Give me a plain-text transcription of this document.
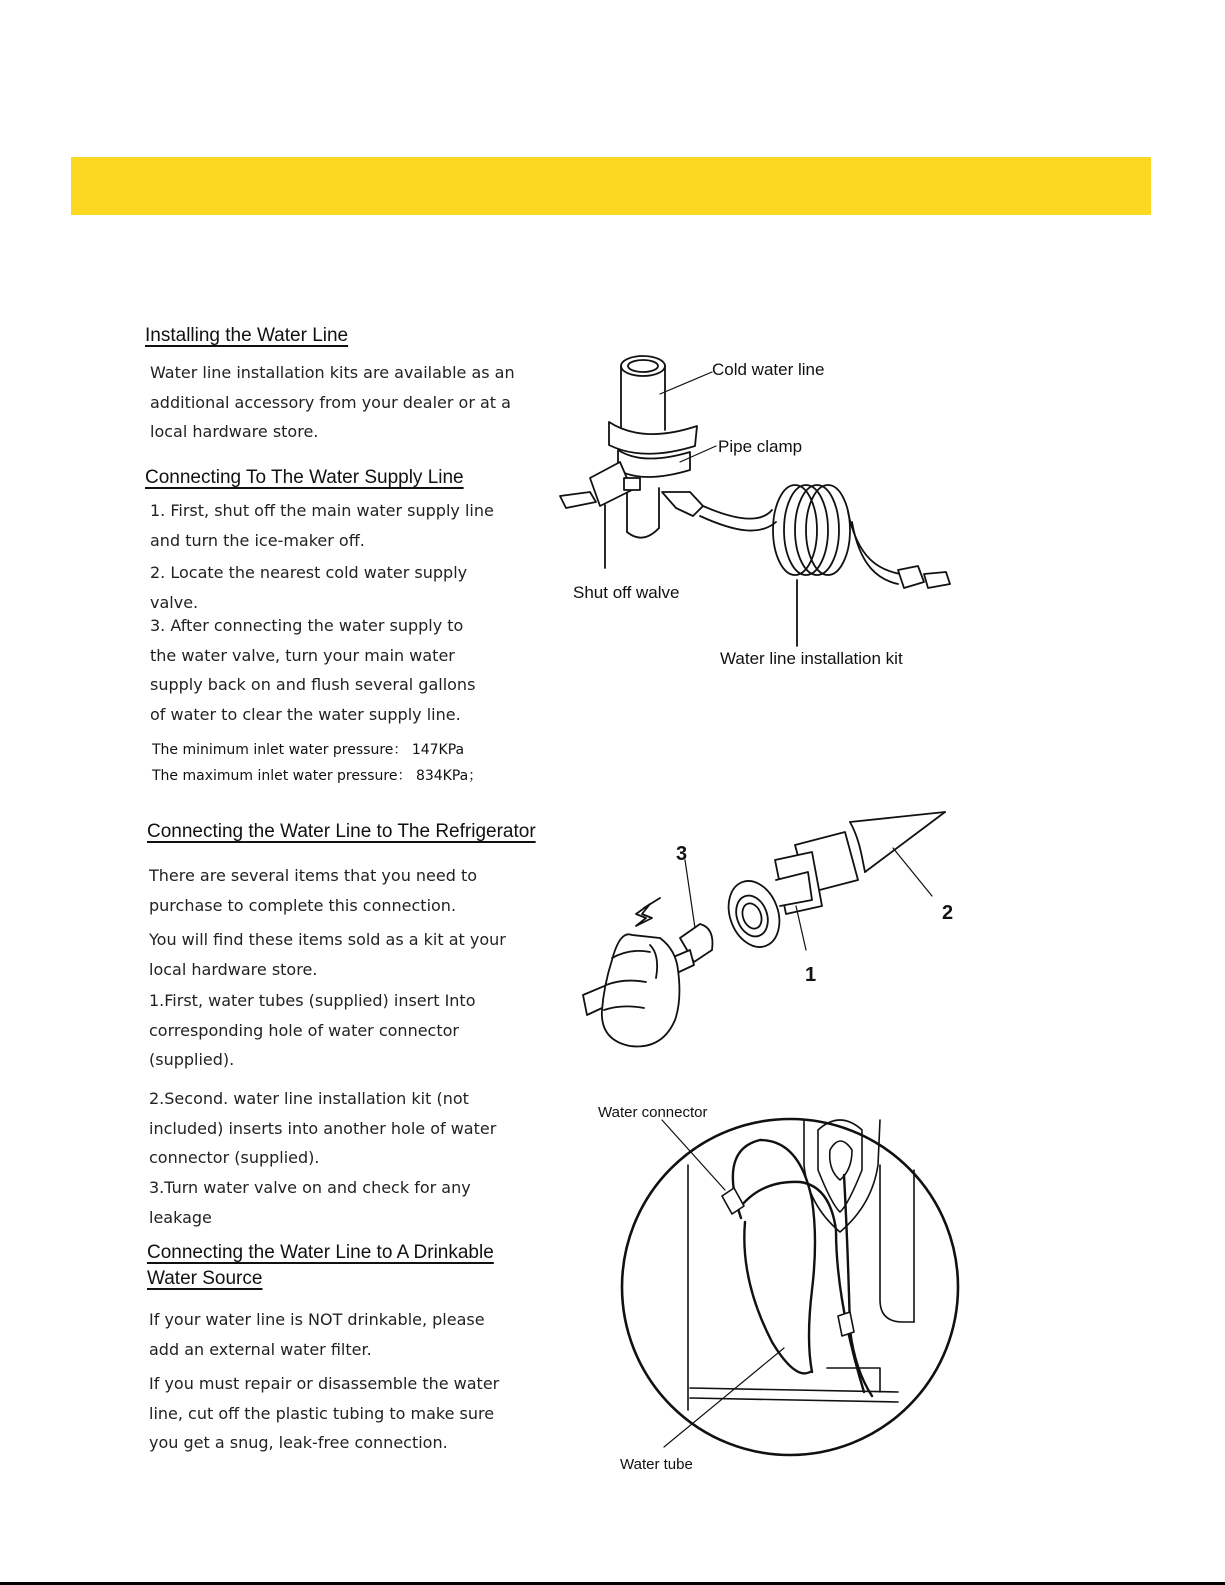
Installing the Water Line
Water line installation kits are available as an
additional accessory from your dealer or at a
local hardware store.
Connecting To The Water Supply Line
1. First, shut off the main water supply line
and turn the ice-maker off.
2. Locate the nearest cold water supply
valve.
3. After connecting the water supply to
the water valve, turn your main water
supply back on and flush several gallons
of water to clear the water supply line.
The minimum inlet water pressure： 147KPa
The maximum inlet water pressure： 834KPa；
Connecting the Water Line to The Refrigerator
There are several items that you need to
purchase to complete this connection.
You will find these items sold as a kit at your
local hardware store.
1.First, water tubes (supplied) insert Into
corresponding hole of water connector
(supplied).
2.Second. water line installation kit (not
included) inserts into another hole of water
connector (supplied).
3.Turn water valve on and check for any
leakage
Connecting the Water Line to A Drinkable
Water Source
If your water line is NOT drinkable, please
add an external water filter.
If you must repair or disassemble the water
line, cut off the plastic tubing to make sure
you get a snug, leak-free connection.
Cold water line
Pipe clamp
Shut off walve
Water line installation kit
3
1
2
Water connector
Water tube
